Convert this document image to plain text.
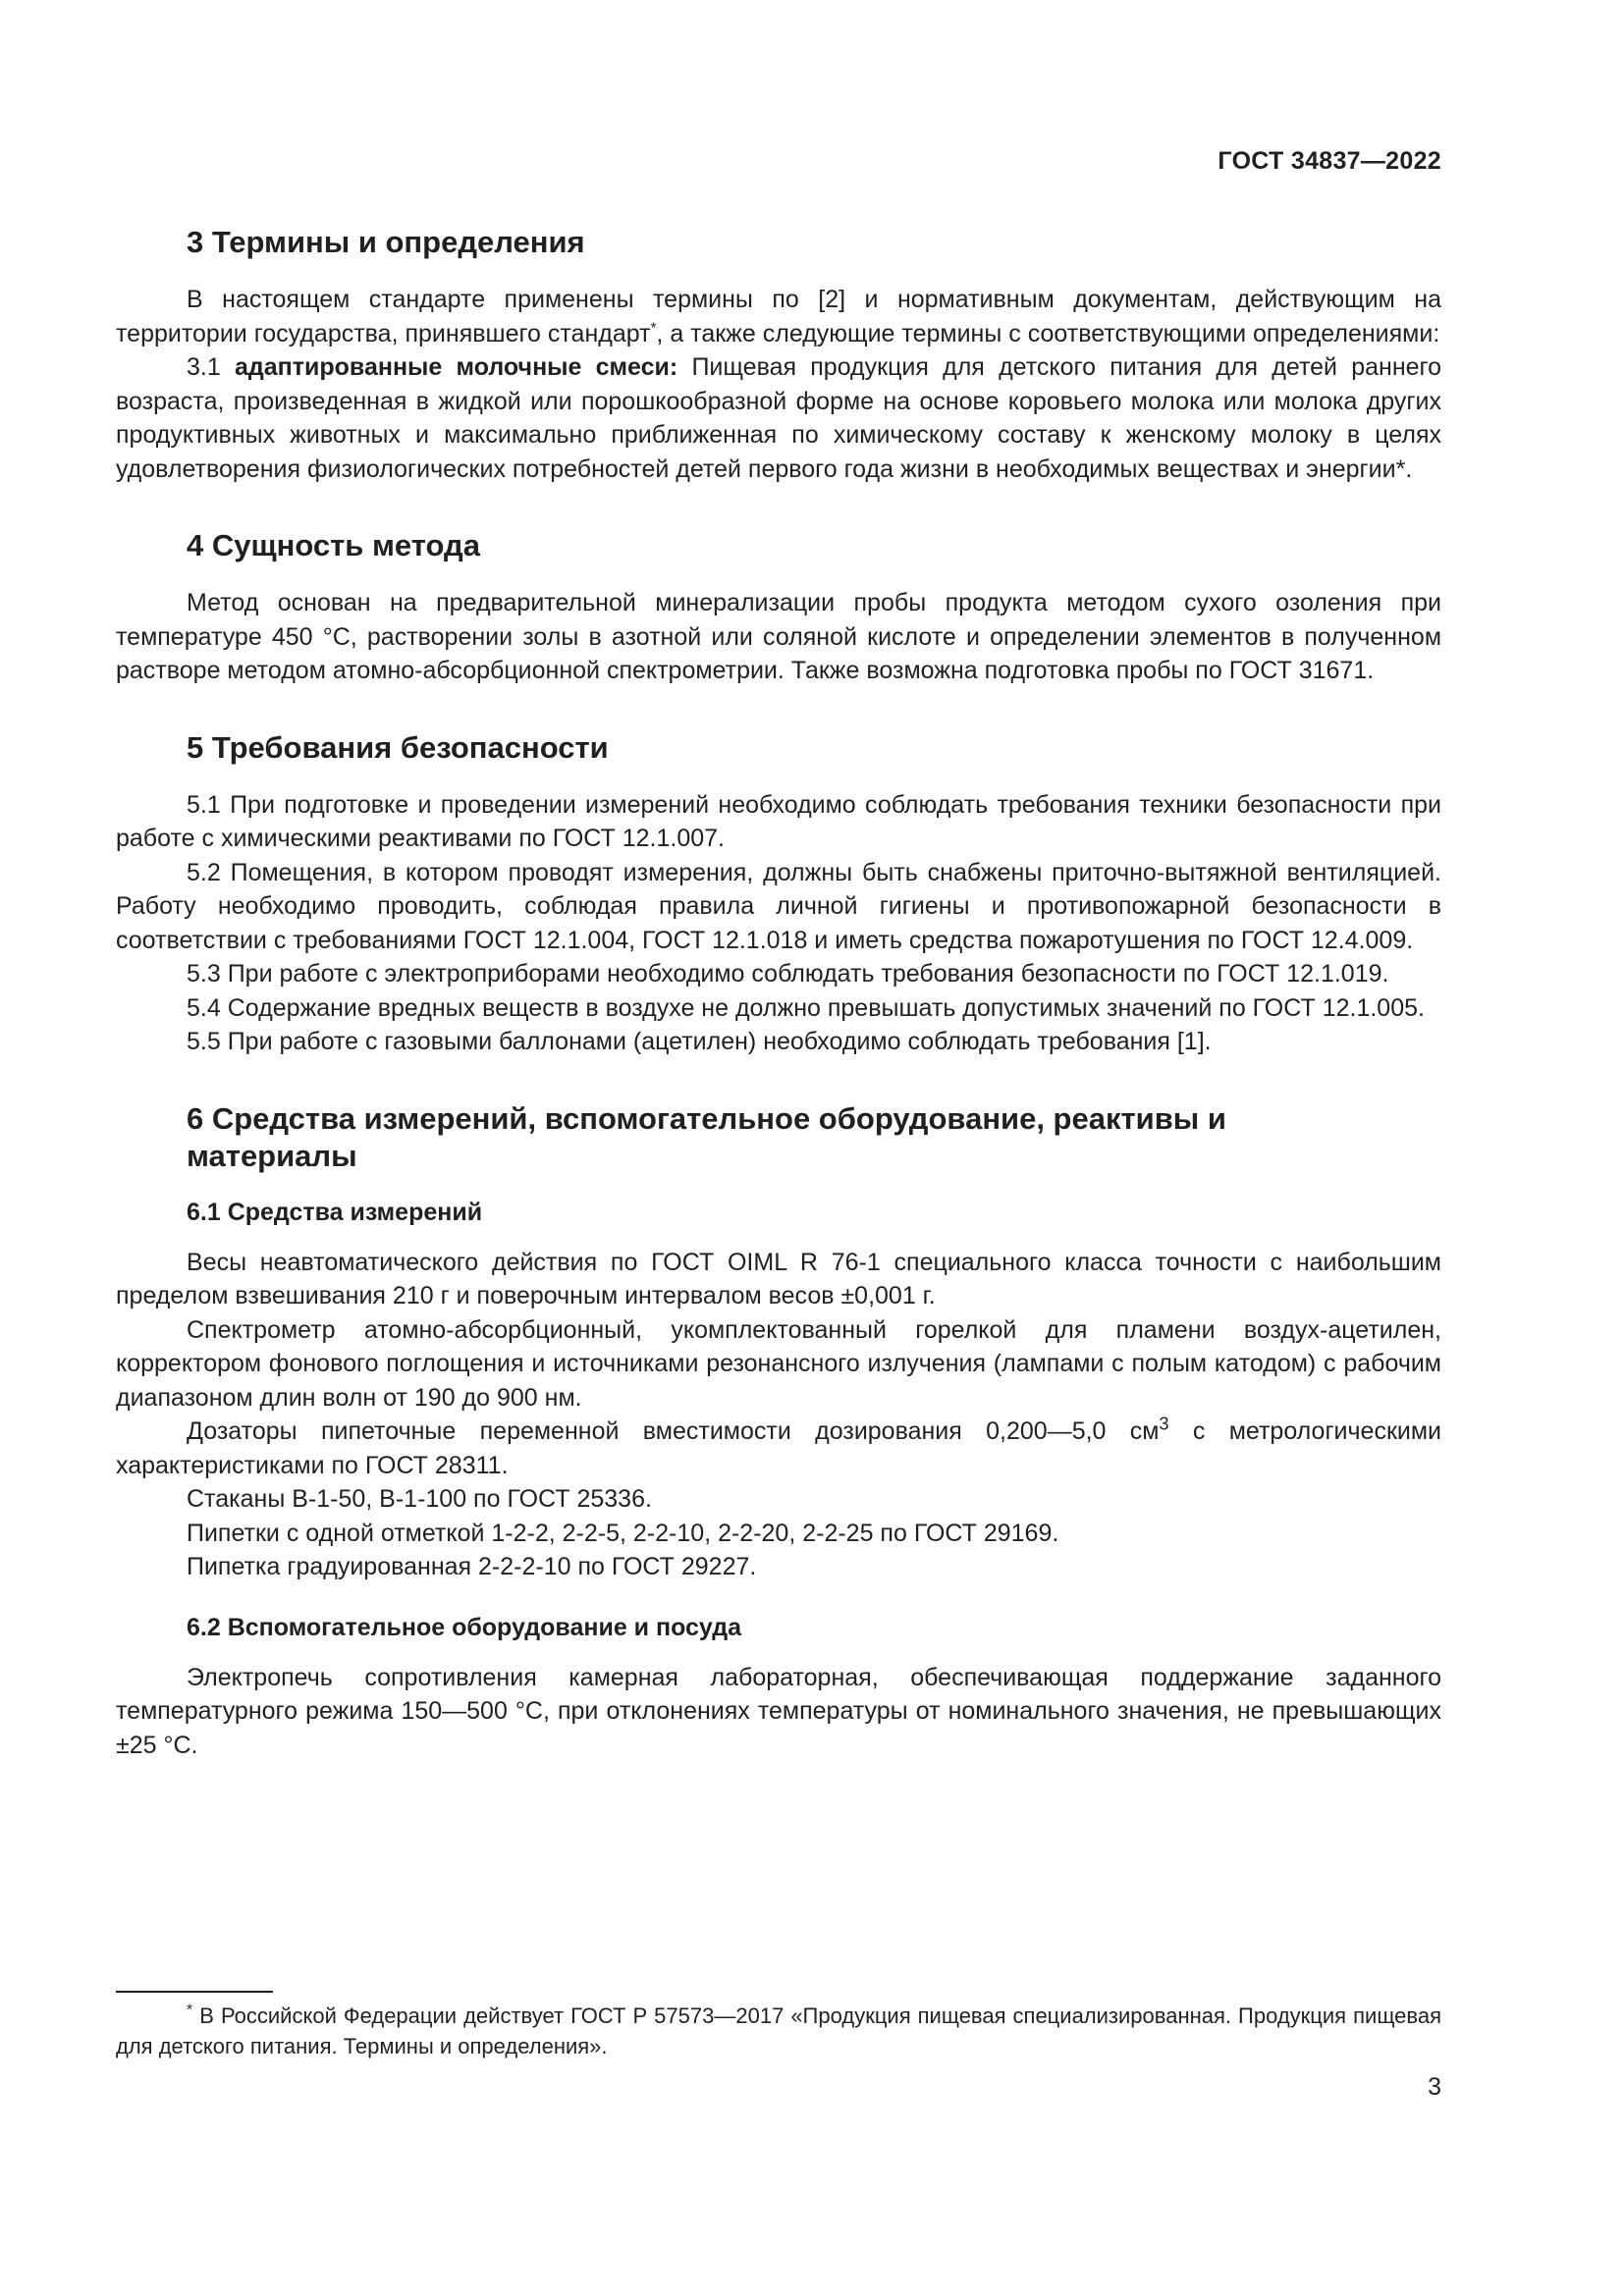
ГОСТ 34837—2022
3 Термины и определения

В настоящем стандарте применены термины по [2] и нормативным документам, действующим на территории государства, принявшего стандарт*, а также следующие термины с соответствующими определениями:

3.1 адаптированные молочные смеси: Пищевая продукция для детского питания для детей раннего возраста, произведенная в жидкой или порошкообразной форме на основе коровьего молока или молока других продуктивных животных и максимально приближенная по химическому составу к женскому молоку в целях удовлетворения физиологических потребностей детей первого года жизни в необходимых веществах и энергии*.

4 Сущность метода

Метод основан на предварительной минерализации пробы продукта методом сухого озоления при температуре 450 °С, растворении золы в азотной или соляной кислоте и определении элементов в полученном растворе методом атомно-абсорбционной спектрометрии. Также возможна подготовка пробы по ГОСТ 31671.

5 Требования безопасности

5.1 При подготовке и проведении измерений необходимо соблюдать требования техники безопасности при работе с химическими реактивами по ГОСТ 12.1.007.

5.2 Помещения, в котором проводят измерения, должны быть снабжены приточно-вытяжной вентиляцией. Работу необходимо проводить, соблюдая правила личной гигиены и противопожарной безопасности в соответствии с требованиями ГОСТ 12.1.004, ГОСТ 12.1.018 и иметь средства пожаротушения по ГОСТ 12.4.009.

5.3 При работе с электроприборами необходимо соблюдать требования безопасности по ГОСТ 12.1.019.

5.4 Содержание вредных веществ в воздухе не должно превышать допустимых значений по ГОСТ 12.1.005.

5.5 При работе с газовыми баллонами (ацетилен) необходимо соблюдать требования [1].

6 Средства измерений, вспомогательное оборудование, реактивы и материалы
6.1 Средства измерений

Весы неавтоматического действия по ГОСТ OIML R 76-1 специального класса точности с наибольшим пределом взвешивания 210 г и поверочным интервалом весов ±0,001 г.

Спектрометр атомно-абсорбционный, укомплектованный горелкой для пламени воздух-ацетилен, корректором фонового поглощения и источниками резонансного излучения (лампами с полым катодом) с рабочим диапазоном длин волн от 190 до 900 нм.

Дозаторы пипеточные переменной вместимости дозирования 0,200—5,0 $см^3$ с метрологическими характеристиками по ГОСТ 28311.

Стаканы В-1-50, В-1-100 по ГОСТ 25336.

Пипетки с одной отметкой 1-2-2, 2-2-5, 2-2-10, 2-2-20, 2-2-25 по ГОСТ 29169.

Пипетка градуированная 2-2-2-10 по ГОСТ 29227.

6.2 Вспомогательное оборудование и посуда

Электропечь сопротивления камерная лабораторная, обеспечивающая поддержание заданного температурного режима 150—500 °С, при отклонениях температуры от номинального значения, не превышающих ±25 °С.

* В Российской Федерации действует ГОСТ Р 57573—2017 «Продукция пищевая специализированная. Продукция пищевая для детского питания. Термины и определения».
3
